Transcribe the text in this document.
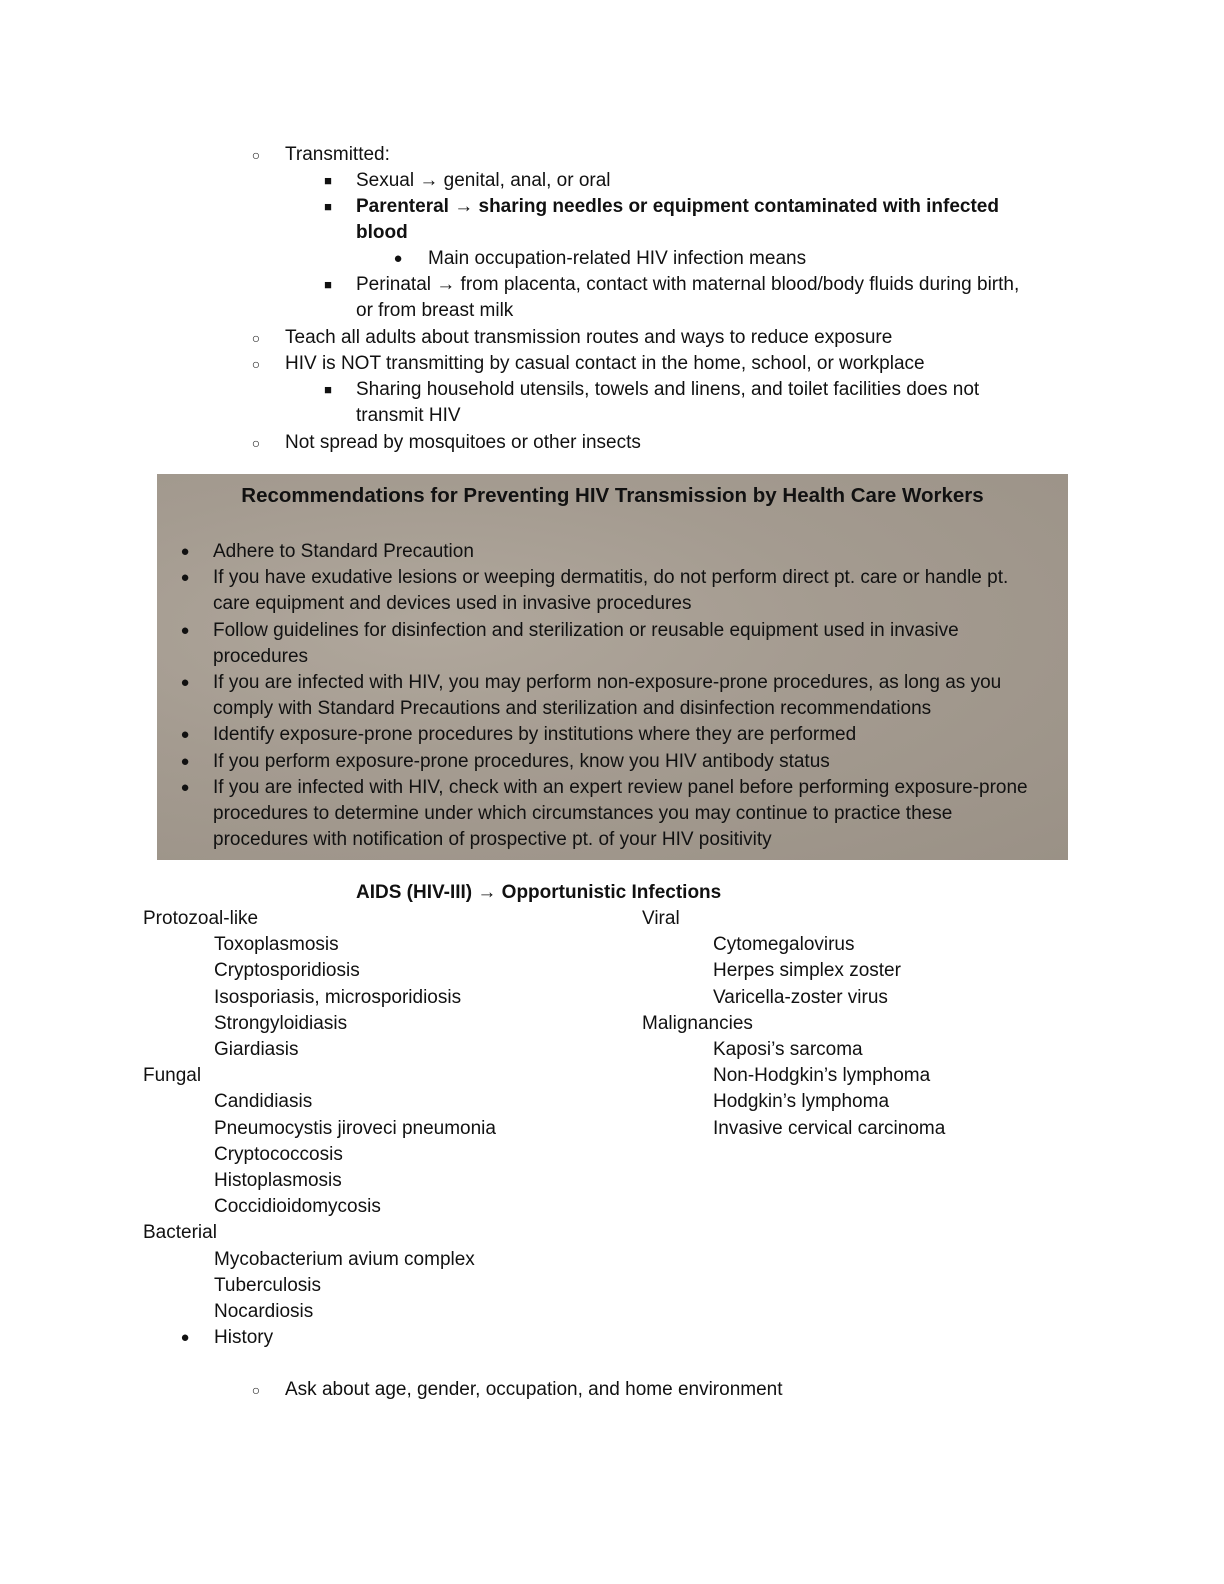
○ Transmitted:
■ Sexual → genital, anal, or oral
■ Parenteral → sharing needles or equipment contaminated with infected
blood
● Main occupation-related HIV infection means
■ Perinatal → from placenta, contact with maternal blood/body fluids during birth,
or from breast milk
○ Teach all adults about transmission routes and ways to reduce exposure
○ HIV is NOT transmitting by casual contact in the home, school, or workplace
■ Sharing household utensils, towels and linens, and toilet facilities does not
transmit HIV
○ Not spread by mosquitoes or other insects
Recommendations for Preventing HIV Transmission by Health Care Workers
● Adhere to Standard Precaution
● If you have exudative lesions or weeping dermatitis, do not perform direct pt. care or handle pt.
care equipment and devices used in invasive procedures
● Follow guidelines for disinfection and sterilization or reusable equipment used in invasive
procedures
● If you are infected with HIV, you may perform non-exposure-prone procedures, as long as you
comply with Standard Precautions and sterilization and disinfection recommendations
● Identify exposure-prone procedures by institutions where they are performed
● If you perform exposure-prone procedures, know you HIV antibody status
● If you are infected with HIV, check with an expert review panel before performing exposure-prone
procedures to determine under which circumstances you may continue to practice these
procedures with notification of prospective pt. of your HIV positivity
AIDS (HIV-III) → Opportunistic Infections
Protozoal-like
Toxoplasmosis
Cryptosporidiosis
Isosporiasis, microsporidiosis
Strongyloidiasis
Giardiasis
Fungal
Candidiasis
Pneumocystis jiroveci pneumonia
Cryptococcosis
Histoplasmosis
Coccidioidomycosis
Bacterial
Mycobacterium avium complex
Tuberculosis
Nocardiosis
Viral
Cytomegalovirus
Herpes simplex zoster
Varicella-zoster virus
Malignancies
Kaposi’s sarcoma
Non-Hodgkin’s lymphoma
Hodgkin’s lymphoma
Invasive cervical carcinoma
● History
○ Ask about age, gender, occupation, and home environment
